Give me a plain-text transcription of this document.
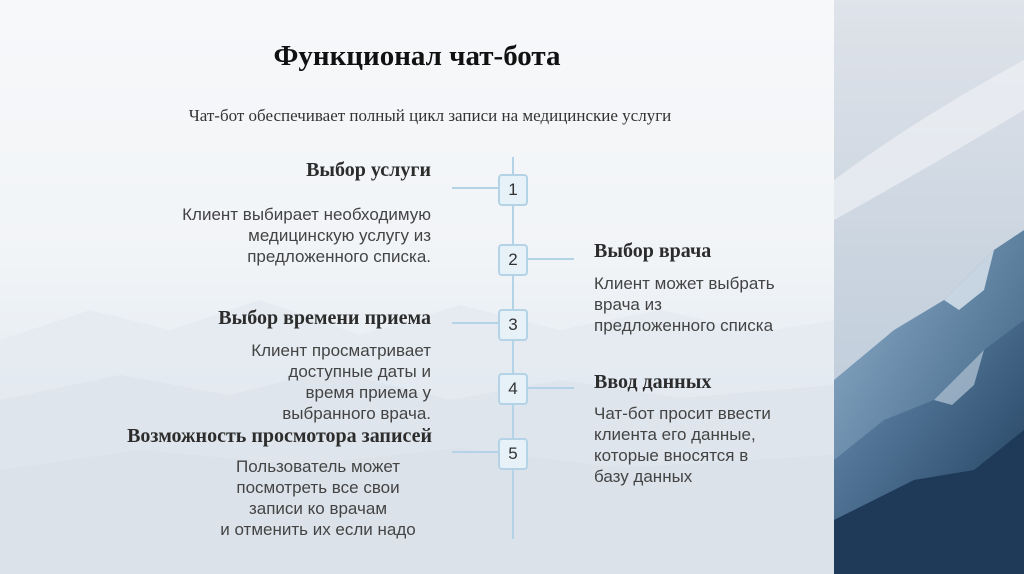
Функционал чат-бота
Чат-бот обеспечивает полный цикл записи на медицинские услуги
1
2
3
4
5
Выбор услуги
Клиент выбирает необходимую
медицинскую услугу из
предложенного списка.	Выбор врача
Клиент может выбрать
врача из
предложенного списка
Выбор времени приема
Клиент просматривает
доступные даты и
время приема у
выбранного врача.
Ввод данных
Чат-бот просит ввести
клиента его данные,
которые вносятся в
базу данных
Возможность просмотора записей
Пользователь может
посмотреть все свои
записи ко врачам
и отменить их если надо
